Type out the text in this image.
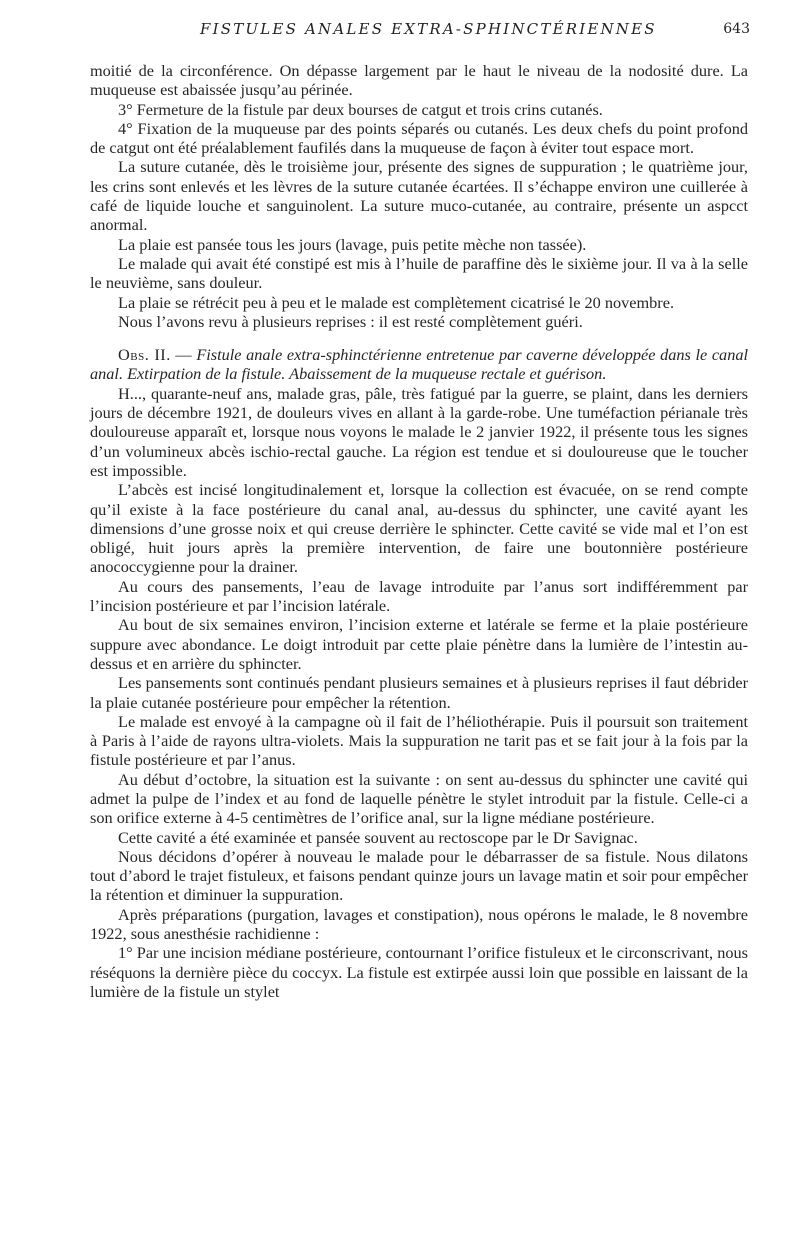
FISTULES ANALES EXTRA-SPHINCTÉRIENNES	643

moitié de la circonférence. On dépasse largement par le haut le niveau de la nodosité dure. La muqueuse est abaissée jusqu’au périnée.

3° Fermeture de la fistule par deux bourses de catgut et trois crins cutanés.

4° Fixation de la muqueuse par des points séparés ou cutanés. Les deux chefs du point profond de catgut ont été préalablement faufilés dans la muqueuse de façon à éviter tout espace mort.

La suture cutanée, dès le troisième jour, présente des signes de suppuration ; le quatrième jour, les crins sont enlevés et les lèvres de la suture cutanée écartées. Il s’échappe environ une cuillerée à café de liquide louche et sanguinolent. La suture muco-cutanée, au contraire, présente un aspcct anormal.

La plaie est pansée tous les jours (lavage, puis petite mèche non tassée).

Le malade qui avait été constipé est mis à l’huile de paraffine dès le sixième jour. Il va à la selle le neuvième, sans douleur.

La plaie se rétrécit peu à peu et le malade est complètement cicatrisé le 20 novembre.

Nous l’avons revu à plusieurs reprises : il est resté complètement guéri.

Obs. II. — Fistule anale extra-sphinctérienne entretenue par caverne développée dans le canal anal. Extirpation de la fistule. Abaissement de la muqueuse rectale et guérison.

H..., quarante-neuf ans, malade gras, pâle, très fatigué par la guerre, se plaint, dans les derniers jours de décembre 1921, de douleurs vives en allant à la garde-robe. Une tuméfaction périanale très douloureuse apparaît et, lorsque nous voyons le malade le 2 janvier 1922, il présente tous les signes d’un volumineux abcès ischio-rectal gauche. La région est tendue et si douloureuse que le toucher est impossible.

L’abcès est incisé longitudinalement et, lorsque la collection est évacuée, on se rend compte qu’il existe à la face postérieure du canal anal, au-dessus du sphincter, une cavité ayant les dimensions d’une grosse noix et qui creuse derrière le sphincter. Cette cavité se vide mal et l’on est obligé, huit jours après la première intervention, de faire une boutonnière postérieure anococcygienne pour la drainer.

Au cours des pansements, l’eau de lavage introduite par l’anus sort indifféremment par l’incision postérieure et par l’incision latérale.

Au bout de six semaines environ, l’incision externe et latérale se ferme et la plaie postérieure suppure avec abondance. Le doigt introduit par cette plaie pénètre dans la lumière de l’intestin au-dessus et en arrière du sphincter.

Les pansements sont continués pendant plusieurs semaines et à plusieurs reprises il faut débrider la plaie cutanée postérieure pour empêcher la rétention.

Le malade est envoyé à la campagne où il fait de l’héliothérapie. Puis il poursuit son traitement à Paris à l’aide de rayons ultra-violets. Mais la suppuration ne tarit pas et se fait jour à la fois par la fistule postérieure et par l’anus.

Au début d’octobre, la situation est la suivante : on sent au-dessus du sphincter une cavité qui admet la pulpe de l’index et au fond de laquelle pénètre le stylet introduit par la fistule. Celle-ci a son orifice externe à 4-5 centimètres de l’orifice anal, sur la ligne médiane postérieure.

Cette cavité a été examinée et pansée souvent au rectoscope par le Dr Savignac.

Nous décidons d’opérer à nouveau le malade pour le débarrasser de sa fistule. Nous dilatons tout d’abord le trajet fistuleux, et faisons pendant quinze jours un lavage matin et soir pour empêcher la rétention et diminuer la suppuration.

Après préparations (purgation, lavages et constipation), nous opérons le malade, le 8 novembre 1922, sous anesthésie rachidienne :

1° Par une incision médiane postérieure, contournant l’orifice fistuleux et le circonscrivant, nous réséquons la dernière pièce du coccyx. La fistule est extirpée aussi loin que possible en laissant de la lumière de la fistule un stylet
